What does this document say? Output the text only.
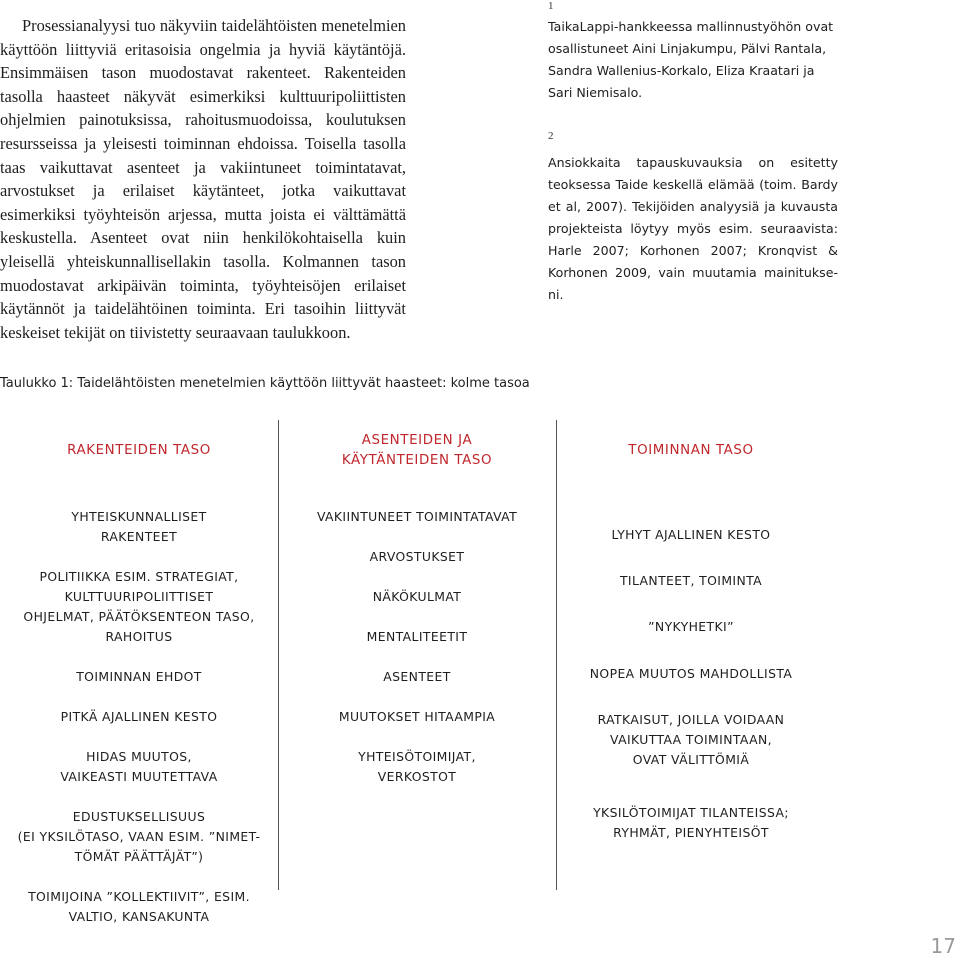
Prosessianalyysi tuo näkyviin taidelähtöisten menetelmien käyttöön liittyviä eritasoisia ongelmia ja hyviä käytäntöjä. Ensimmäisen tason muodostavat rakenteet. Rakenteiden tasolla haasteet näkyvät esimerkiksi kulttuuripoliittisten ohjelmien painotuksissa, rahoitusmuodoissa, koulutuksen resursseissa ja yleisesti toiminnan ehdoissa. Toisella tasolla taas vaikuttavat asenteet ja vakiintuneet toimintatavat, arvostukset ja erilaiset käytänteet, jotka vaikuttavat esimerkiksi työyhteisön arjessa, mutta joista ei välttämättä keskustella. Asenteet ovat niin henkilökohtaisella kuin yleisellä yhteiskunnallisellakin tasolla. Kolmannen tason muodostavat arkipäivän toiminta, työyhteisöjen erilaiset käytännöt ja taidelähtöinen toiminta. Eri tasoihin liittyvät keskeiset tekijät on tiivistetty seuraavaan taulukkoon.

1
TaikaLappi-hankkeessa mallinnustyöhön ovat osallistuneet Aini Linjakumpu, Pälvi Rantala, Sandra Wallenius-Korkalo, Eliza Kraatari ja Sari Niemisalo.
2
Ansiokkaita tapauskuvauksia on esitetty teoksessa Taide keskellä elämää (toim. Bardy et al, 2007). Tekijöiden analyysiä ja kuvausta projekteista löytyy myös esim. seuraavista: Harle 2007; Korhonen 2007; Kronqvist & Korhonen 2009, vain muutamia mainitukse-ni.
Taulukko 1: Taidelähtöisten menetelmien käyttöön liittyvät haasteet: kolme tasoa
RAKENTEIDEN TASO
ASENTEIDEN JA
KÄYTÄNTEIDEN TASO
TOIMINNAN TASO
YHTEISKUNNALLISET
RAKENTEET
POLITIIKKA ESIM. STRATEGIAT,
KULTTUURIPOLIITTISET
OHJELMAT, PÄÄTÖKSENTEON TASO,
RAHOITUS
TOIMINNAN EHDOT
PITKÄ AJALLINEN KESTO
HIDAS MUUTOS,
VAIKEASTI MUUTETTAVA
EDUSTUKSELLISUUS
(EI YKSILÖTASO, VAAN ESIM. ”NIMET-
TÖMÄT PÄÄTTÄJÄT”)
TOIMIJOINA ”KOLLEKTIIVIT”, ESIM.
VALTIO, KANSAKUNTA
VAKIINTUNEET TOIMINTATAVAT
ARVOSTUKSET
NÄKÖKULMAT
MENTALITEETIT
ASENTEET
MUUTOKSET HITAAMPIA
YHTEISÖTOIMIJAT,
VERKOSTOT
LYHYT AJALLINEN KESTO
TILANTEET, TOIMINTA
”NYKYHETKI”
NOPEA MUUTOS MAHDOLLISTA
RATKAISUT, JOILLA VOIDAAN
VAIKUTTAA TOIMINTAAN,
OVAT VÄLITTÖMIÄ
YKSILÖTOIMIJAT TILANTEISSA;
RYHMÄT, PIENYHTEISÖT
17
